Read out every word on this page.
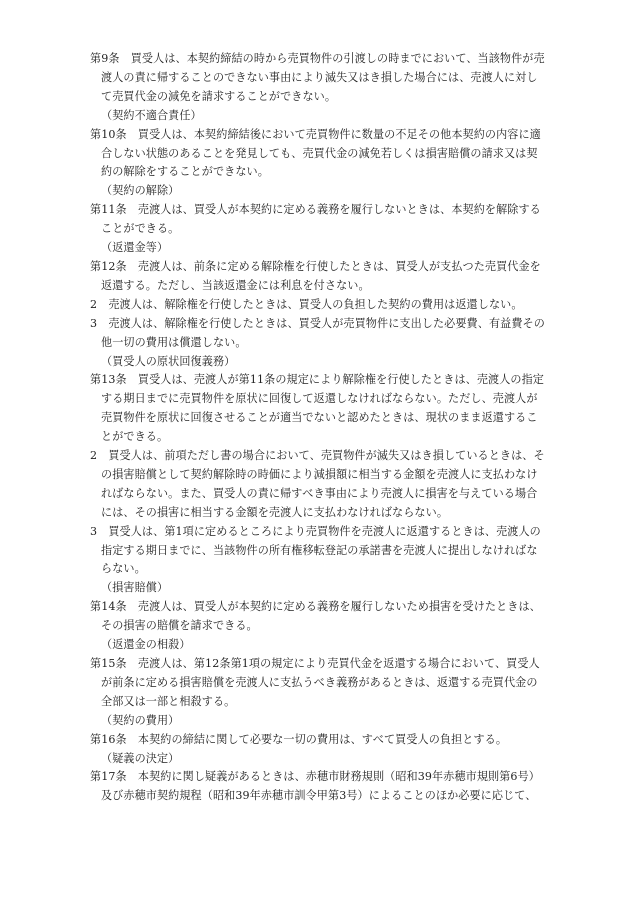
第9条　買受人は、本契約締結の時から売買物件の引渡しの時までにおいて、当該物件が売渡人の責に帰することのできない事由により滅失又はき損した場合には、売渡人に対して売買代金の減免を請求することができない。

（契約不適合責任）

第10条　買受人は、本契約締結後において売買物件に数量の不足その他本契約の内容に適合しない状態のあることを発見しても、売買代金の減免若しくは損害賠償の請求又は契約の解除をすることができない。

（契約の解除）

第11条　売渡人は、買受人が本契約に定める義務を履行しないときは、本契約を解除することができる。

（返還金等）

第12条　売渡人は、前条に定める解除権を行使したときは、買受人が支払つた売買代金を返還する。ただし、当該返還金には利息を付さない。

2　売渡人は、解除権を行使したときは、買受人の負担した契約の費用は返還しない。

3　売渡人は、解除権を行使したときは、買受人が売買物件に支出した必要費、有益費その他一切の費用は償還しない。

（買受人の原状回復義務）

第13条　買受人は、売渡人が第11条の規定により解除権を行使したときは、売渡人の指定する期日までに売買物件を原状に回復して返還しなければならない。ただし、売渡人が売買物件を原状に回復させることが適当でないと認めたときは、現状のまま返還することができる。

2　買受人は、前項ただし書の場合において、売買物件が滅失又はき損しているときは、その損害賠償として契約解除時の時価により減損額に相当する金額を売渡人に支払わなければならない。また、買受人の責に帰すべき事由により売渡人に損害を与えている場合には、その損害に相当する金額を売渡人に支払わなければならない。

3　買受人は、第1項に定めるところにより売買物件を売渡人に返還するときは、売渡人の指定する期日までに、当該物件の所有権移転登記の承諾書を売渡人に提出しなければならない。

（損害賠償）

第14条　売渡人は、買受人が本契約に定める義務を履行しないため損害を受けたときは、その損害の賠償を請求できる。

（返還金の相殺）

第15条　売渡人は、第12条第1項の規定により売買代金を返還する場合において、買受人が前条に定める損害賠償を売渡人に支払うべき義務があるときは、返還する売買代金の全部又は一部と相殺する。

（契約の費用）

第16条　本契約の締結に関して必要な一切の費用は、すべて買受人の負担とする。

（疑義の決定）

第17条　本契約に関し疑義があるときは、赤穂市財務規則（昭和39年赤穂市規則第6号）及び赤穂市契約規程（昭和39年赤穂市訓令甲第3号）によることのほか必要に応じて、
